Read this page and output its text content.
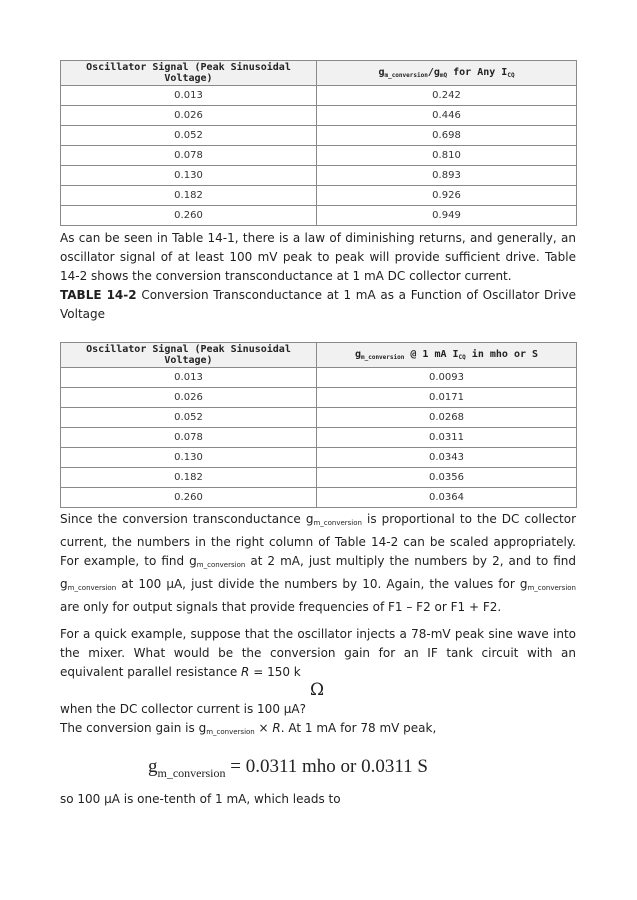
Oscillator Signal (Peak Sinusoidal Voltage)	$g_{m\_conversion}/g_{mQ}$ for Any $I_{CQ}$
0.013	0.242
0.026	0.446
0.052	0.698
0.078	0.810
0.130	0.893
0.182	0.926
0.260	0.949

As can be seen in Table 14-1, there is a law of diminishing returns, and generally, an oscillator signal of at least 100 mV peak to peak will provide sufficient drive. Table 14-2 shows the conversion transconductance at 1 mA DC collector current.

TABLE 14-2 Conversion Transconductance at 1 mA as a Function of Oscillator Drive Voltage

Oscillator Signal (Peak Sinusoidal Voltage)	$g_{m\_conversion}$ @ 1 mA $I_{CQ}$ in mho or S
0.013	0.0093
0.026	0.0171
0.052	0.0268
0.078	0.0311
0.130	0.0343
0.182	0.0356
0.260	0.0364

Since the conversion transconductance gm_conversion is proportional to the DC collector current, the numbers in the right column of Table 14-2 can be scaled appropriately. For example, to find gm_conversion at 2 mA, just multiply the numbers by 2, and to find gm_conversion at 100 µA, just divide the numbers by 10. Again, the values for gm_conversion are only for output signals that provide frequencies of F1 – F2 or F1 + F2.

For a quick example, suppose that the oscillator injects a 78-mV peak sine wave into the mixer. What would be the conversion gain for an IF tank circuit with an equivalent parallel resistance R = 150 k

Ω

when the DC collector current is 100 µA?

The conversion gain is gm_conversion × R. At 1 mA for 78 mV peak,

$g_{m\_conversion} = 0.0311$ mho or 0.0311 S

so 100 µA is one-tenth of 1 mA, which leads to
